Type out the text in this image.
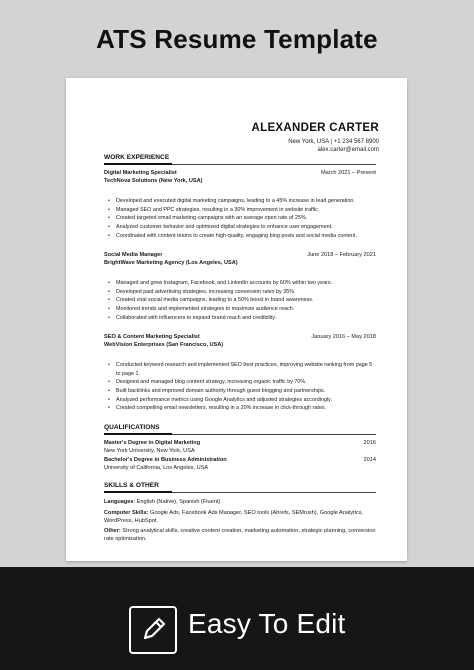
ATS Resume Template
ALEXANDER CARTER
New York, USA | +1 234 567 8900
alex.carter@email.com
WORK EXPERIENCE
Digital Marketing Specialist	March 2021 – Present
TechNova Solutions (New York, USA)
• Developed and executed digital marketing campaigns, leading to a 45% increase in lead generation.
• Managed SEO and PPC strategies, resulting in a 30% improvement in website traffic.
• Created targeted email marketing campaigns with an average open rate of 25%.
• Analyzed customer behavior and optimized digital strategies to enhance user engagement.
• Coordinated with content teams to create high-quality, engaging blog posts and social media content.
Social Media Manager	June 2018 – February 2021
BrightWave Marketing Agency (Los Angeles, USA)
• Managed and grew Instagram, Facebook, and LinkedIn accounts by 60% within two years.
• Developed paid advertising strategies, increasing conversion rates by 35%.
• Created viral social media campaigns, leading to a 50% boost in brand awareness.
• Monitored trends and implemented strategies to maximize audience reach.
• Collaborated with influencers to expand brand reach and credibility.
SEO & Content Marketing Specialist	January 2016 – May 2018
WebVision Enterprises (San Francisco, USA)
• Conducted keyword research and implemented SEO best practices, improving website ranking from page 5 to page 1.
• Designed and managed blog content strategy, increasing organic traffic by 70%.
• Built backlinks and improved domain authority through guest blogging and partnerships.
• Analyzed performance metrics using Google Analytics and adjusted strategies accordingly.
• Created compelling email newsletters, resulting in a 20% increase in click-through rates.
QUALIFICATIONS
Master's Degree in Digital Marketing	2016
New York University, New York, USA
Bachelor's Degree in Business Administration	2014
University of California, Los Angeles, USA
SKILLS & OTHER

Languages: English (Native), Spanish (Fluent)

Computer Skills: Google Ads, Facebook Ads Manager, SEO tools (Ahrefs, SEMrush), Google Analytics, WordPress, HubSpot.

Other: Strong analytical skills, creative content creation, marketing automation, strategic planning, conversion rate optimization.

Easy To Edit
